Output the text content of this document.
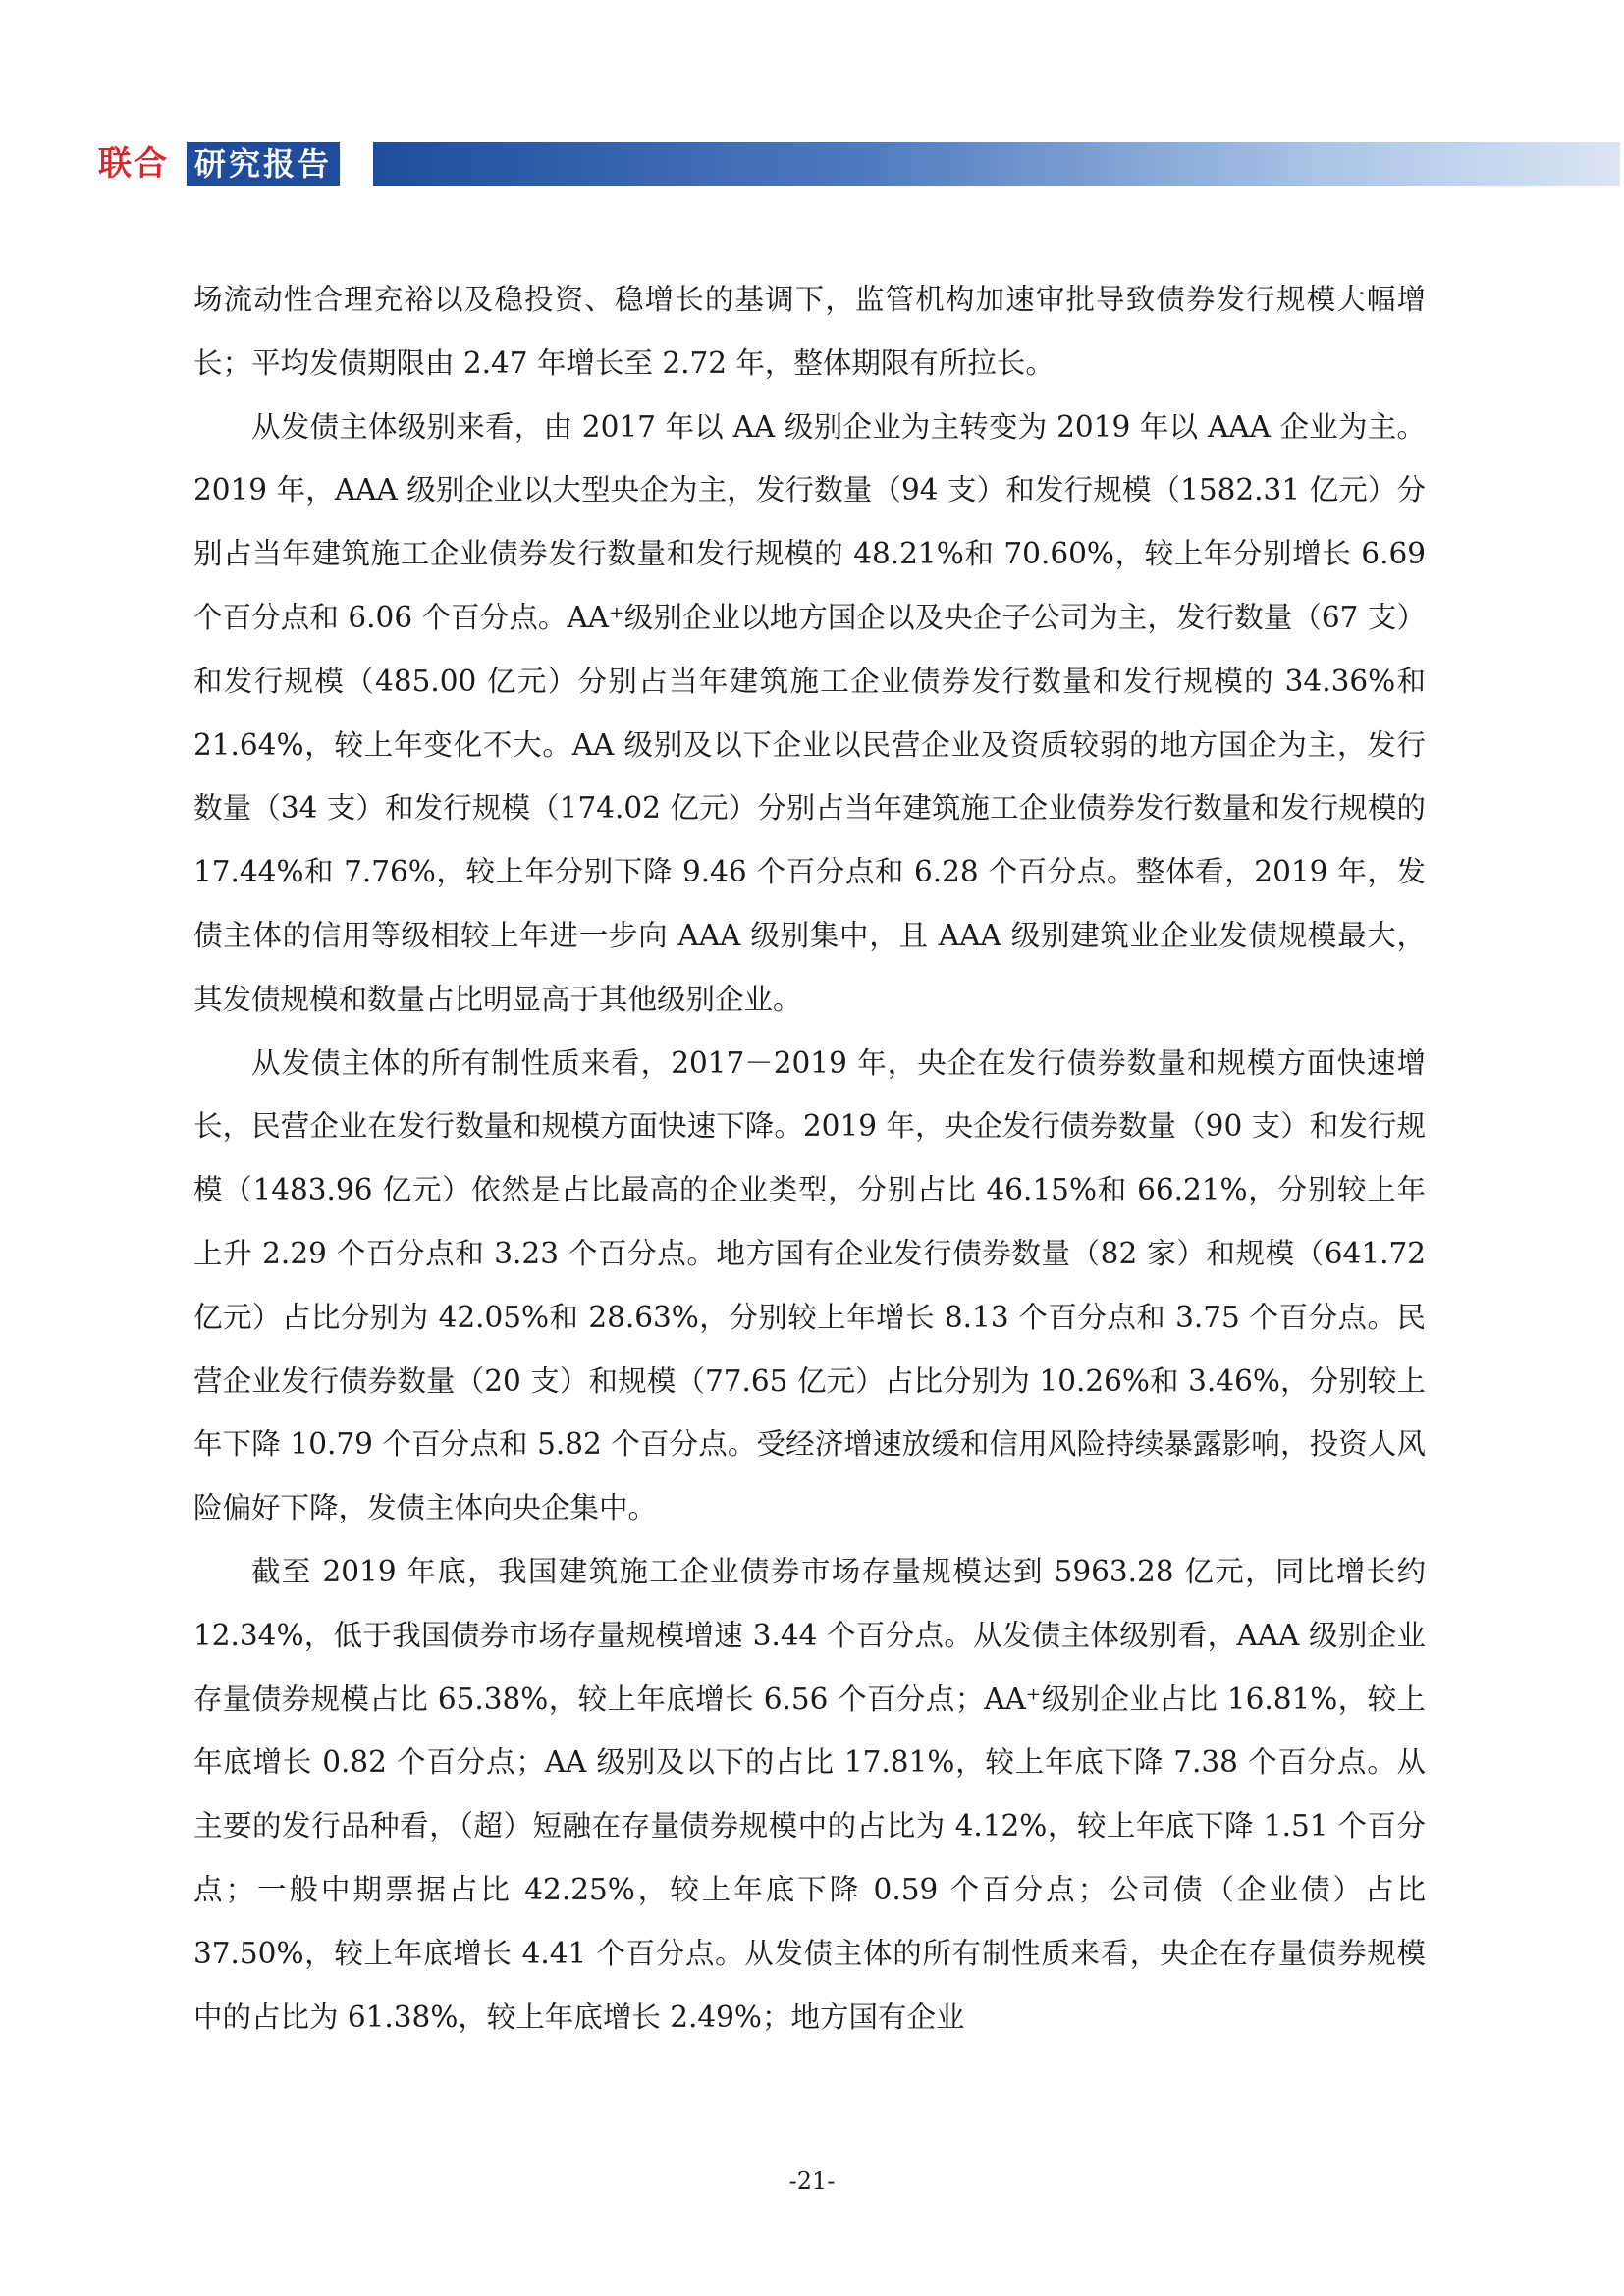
联合 研究报告

场流动性合理充裕以及稳投资、稳增长的基调下，监管机构加速审批导致债券发行规模大幅增长；平均发债期限由 2.47 年增长至 2.72 年，整体期限有所拉长。

从发债主体级别来看，由 2017 年以 AA 级别企业为主转变为 2019 年以 AAA 企业为主。2019 年，AAA 级别企业以大型央企为主，发行数量（94 支）和发行规模（1582.31 亿元）分别占当年建筑施工企业债券发行数量和发行规模的 48.21%和 70.60%，较上年分别增长 6.69 个百分点和 6.06 个百分点。AA⁺级别企业以地方国企以及央企子公司为主，发行数量（67 支）和发行规模（485.00 亿元）分别占当年建筑施工企业债券发行数量和发行规模的 34.36%和 21.64%，较上年变化不大。AA 级别及以下企业以民营企业及资质较弱的地方国企为主，发行数量（34 支）和发行规模（174.02 亿元）分别占当年建筑施工企业债券发行数量和发行规模的 17.44%和 7.76%，较上年分别下降 9.46 个百分点和 6.28 个百分点。整体看，2019 年，发债主体的信用等级相较上年进一步向 AAA 级别集中，且 AAA 级别建筑业企业发债规模最大，其发债规模和数量占比明显高于其他级别企业。

从发债主体的所有制性质来看，2017－2019 年，央企在发行债券数量和规模方面快速增长，民营企业在发行数量和规模方面快速下降。2019 年，央企发行债券数量（90 支）和发行规模（1483.96 亿元）依然是占比最高的企业类型，分别占比 46.15%和 66.21%，分别较上年上升 2.29 个百分点和 3.23 个百分点。地方国有企业发行债券数量（82 家）和规模（641.72 亿元）占比分别为 42.05%和 28.63%，分别较上年增长 8.13 个百分点和 3.75 个百分点。民营企业发行债券数量（20 支）和规模（77.65 亿元）占比分别为 10.26%和 3.46%，分别较上年下降 10.79 个百分点和 5.82 个百分点。受经济增速放缓和信用风险持续暴露影响，投资人风险偏好下降，发债主体向央企集中。

截至 2019 年底，我国建筑施工企业债券市场存量规模达到 5963.28 亿元，同比增长约 12.34%，低于我国债券市场存量规模增速 3.44 个百分点。从发债主体级别看，AAA 级别企业存量债券规模占比 65.38%，较上年底增长 6.56 个百分点；AA⁺级别企业占比 16.81%，较上年底增长 0.82 个百分点；AA 级别及以下的占比 17.81%，较上年底下降 7.38 个百分点。从主要的发行品种看，（超）短融在存量债券规模中的占比为 4.12%，较上年底下降 1.51 个百分点；一般中期票据占比 42.25%，较上年底下降 0.59 个百分点；公司债（企业债）占比 37.50%，较上年底增长 4.41 个百分点。从发债主体的所有制性质来看，央企在存量债券规模中的占比为 61.38%，较上年底增长 2.49%；地方国有企业

-21-
